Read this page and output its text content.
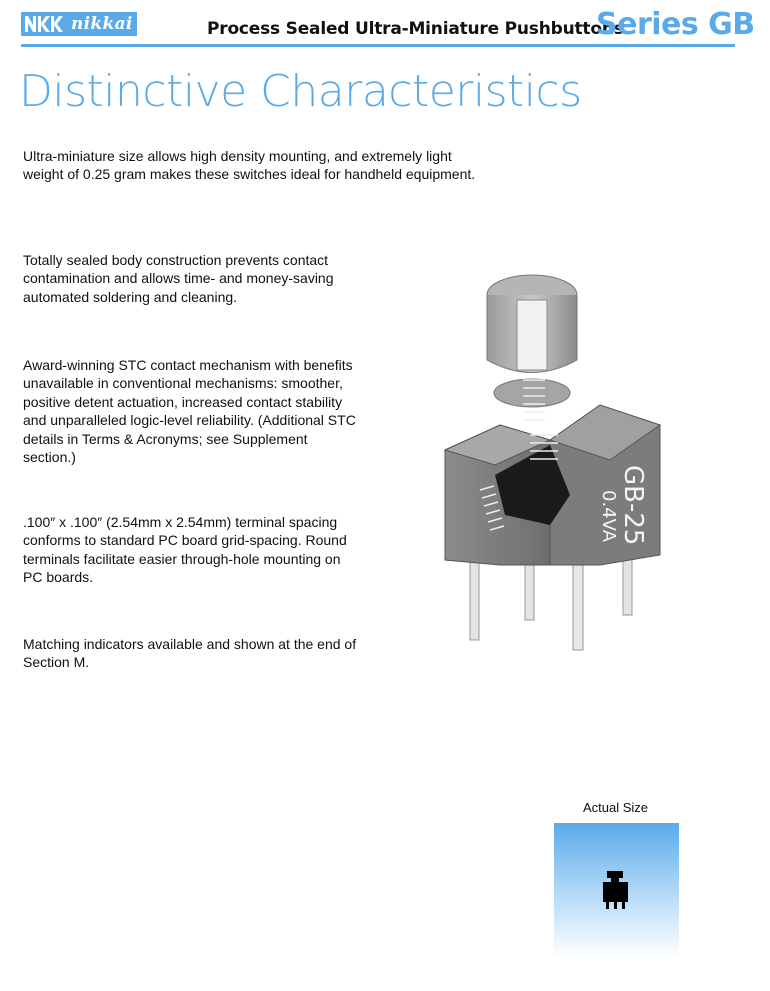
nikkai	Process Sealed Ultra-Miniature Pushbuttons
Series GB
Distinctive Characteristics
Ultra-miniature size allows high density mounting, and extremely light weight of 0.25 gram makes these switches ideal for handheld equipment.
Totally sealed body construction prevents contact contamination and allows time- and money-saving automated soldering and cleaning.
Award-winning STC contact mechanism with benefits unavailable in conventional mechanisms: smoother, positive detent actuation, increased contact stability and unparalleled logic-level reliability. (Additional STC details in Terms & Acronyms; see Supplement section.)
.100″ x .100″ (2.54mm x 2.54mm) terminal spacing conforms to standard PC board grid-spacing. Round terminals facilitate easier through-hole mounting on PC boards.
Matching indicators available and shown at the end of Section M.
GB-25
0.4VA
Actual Size
